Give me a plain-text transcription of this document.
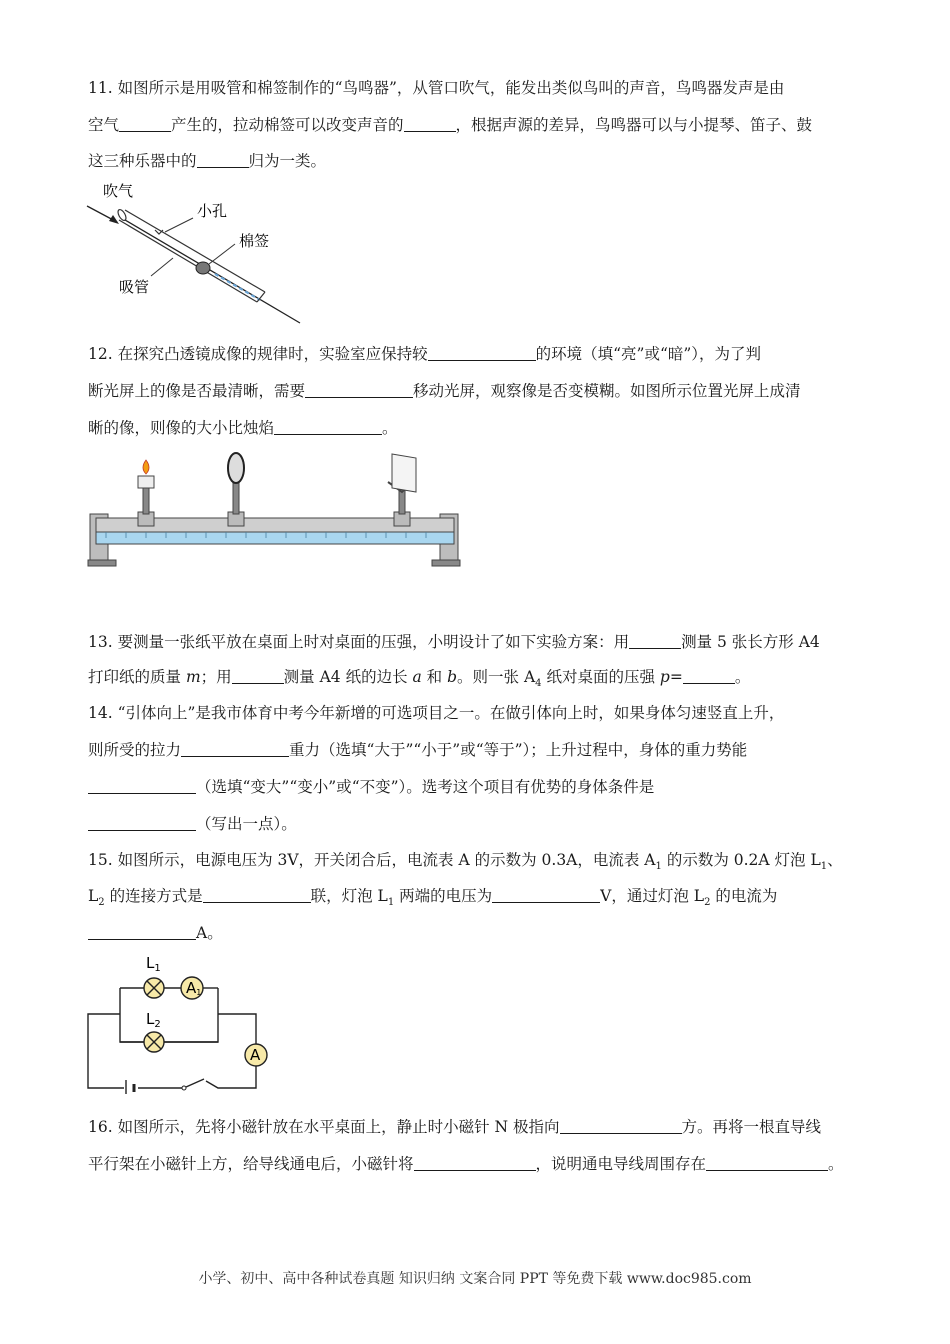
11. 如图所示是用吸管和棉签制作的“鸟鸣器”，从管口吹气，能发出类似鸟叫的声音，鸟鸣器发声是由

空气	产生的，拉动棉签可以改变声音的	，根据声源的差异，鸟鸣器可以与小提琴、笛子、鼓

这三种乐器中的	归为一类。

吹气
小孔
棉签
吸管

12. 在探究凸透镜成像的规律时，实验室应保持较	的环境（填“亮”或“暗”），为了判

断光屏上的像是否最清晰，需要	移动光屏，观察像是否变模糊。如图所示位置光屏上成清

晰的像，则像的大小比烛焰	。

13. 要测量一张纸平放在桌面上时对桌面的压强，小明设计了如下实验方案：用	测量 5 张长方形 A4

打印纸的质量 m；用	测量 A4 纸的边长 a 和 b。则一张 $A_4$ 纸对桌面的压强 p=	。

14. “引体向上”是我市体育中考今年新增的可选项目之一。在做引体向上时，如果身体匀速竖直上升，

则所受的拉力	重力（选填“大于”“小于”或“等于”）；上升过程中，身体的重力势能

（选填“变大”“变小”或“不变”）。选考这个项目有优势的身体条件是

（写出一点）。

15. 如图所示，电源电压为 3V，开关闭合后，电流表 A 的示数为 0.3A，电流表 $A_1$ 的示数为 0.2A 灯泡 $L_1$、

$L_2$ 的连接方式是	联，灯泡 $L_1$ 两端的电压为	V，通过灯泡 $L_2$ 的电流为

A。

$L_1$
A1
$L_2$
A

16. 如图所示，先将小磁针放在水平桌面上，静止时小磁针 N 极指向	方。再将一根直导线

平行架在小磁针上方，给导线通电后，小磁针将	，说明通电导线周围存在	。

小学、初中、高中各种试卷真题 知识归纳 文案合同 PPT 等免费下载 www.doc985.com
